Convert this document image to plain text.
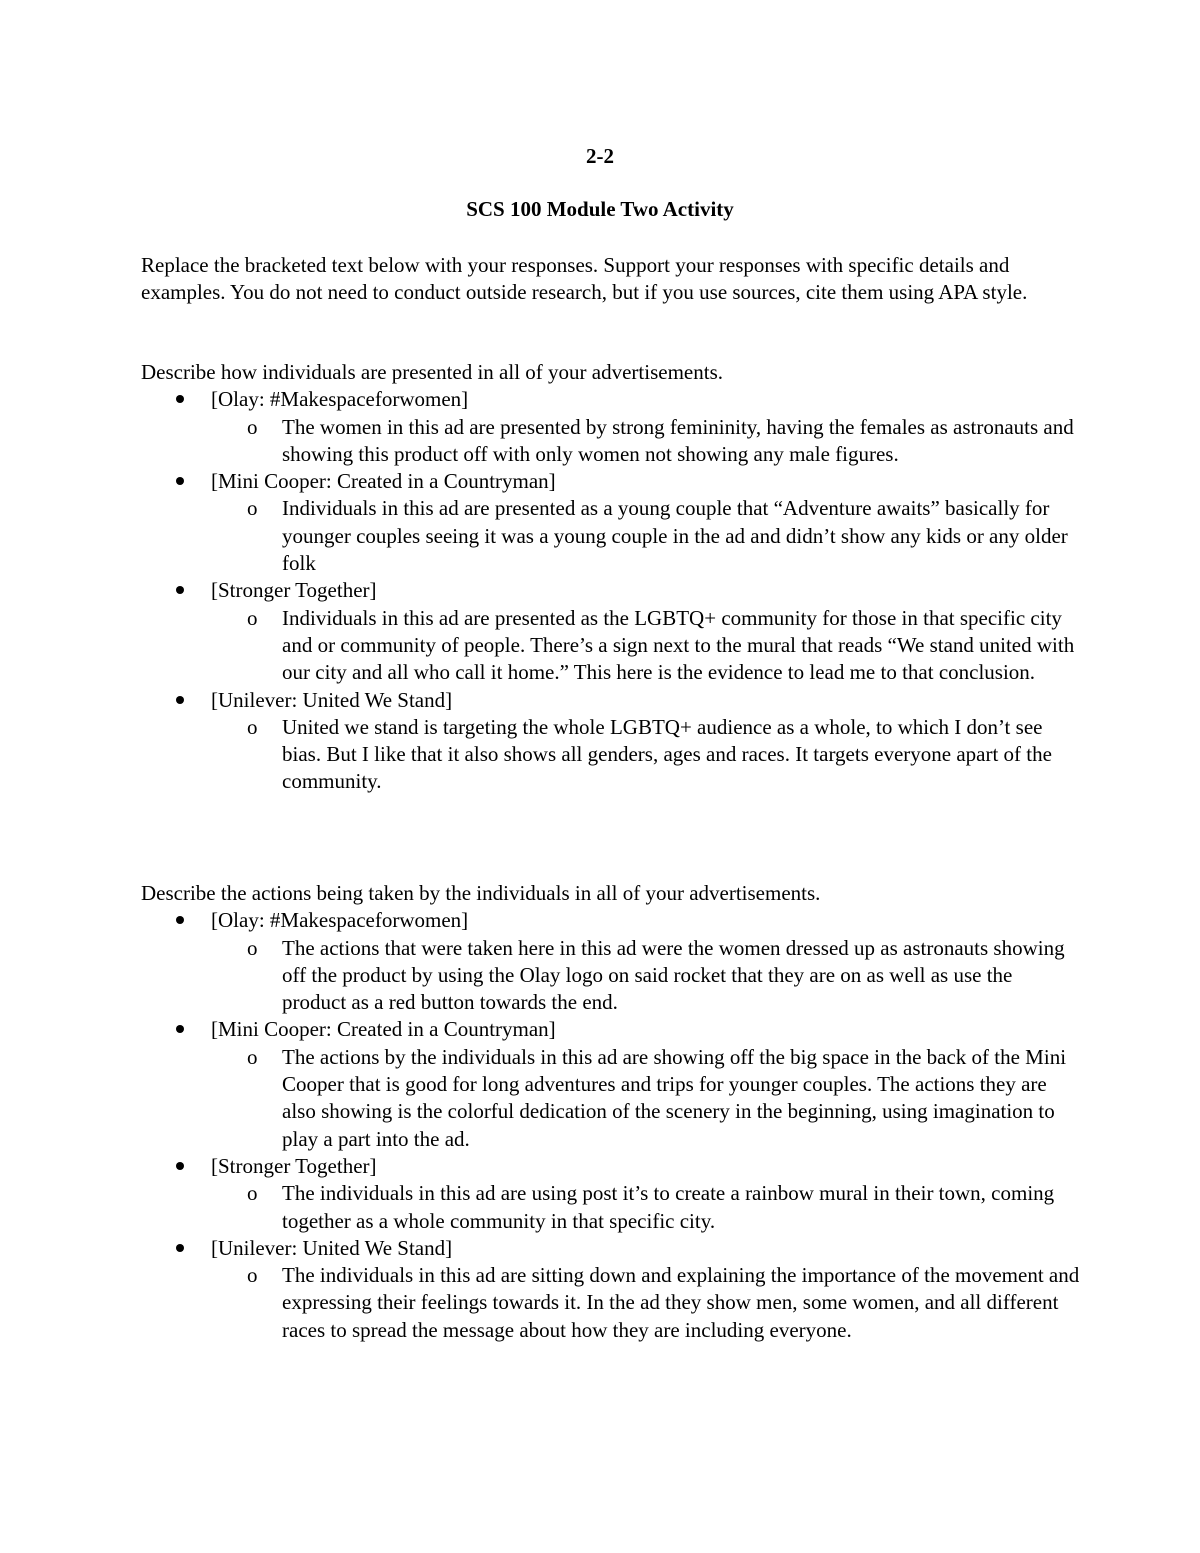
2-2
SCS 100 Module Two Activity

Replace the bracketed text below with your responses. Support your responses with specific details and examples. You do not need to conduct outside research, but if you use sources, cite them using APA style.

Describe how individuals are presented in all of your advertisements.

[Olay: #Makespaceforwomen]
o The women in this ad are presented by strong femininity, having the females as astronauts and showing this product off with only women not showing any male figures.
[Mini Cooper: Created in a Countryman]
o Individuals in this ad are presented as a young couple that “Adventure awaits” basically for younger couples seeing it was a young couple in the ad and didn’t show any kids or any older folk
[Stronger Together]
o Individuals in this ad are presented as the LGBTQ+ community for those in that specific city and or community of people. There’s a sign next to the mural that reads “We stand united with our city and all who call it home.” This here is the evidence to lead me to that conclusion.
[Unilever: United We Stand]
o United we stand is targeting the whole LGBTQ+ audience as a whole, to which I don’t see bias. But I like that it also shows all genders, ages and races. It targets everyone apart of the community.

Describe the actions being taken by the individuals in all of your advertisements.

[Olay: #Makespaceforwomen]
o The actions that were taken here in this ad were the women dressed up as astronauts showing off the product by using the Olay logo on said rocket that they are on as well as use the product as a red button towards the end.
[Mini Cooper: Created in a Countryman]
o The actions by the individuals in this ad are showing off the big space in the back of the Mini Cooper that is good for long adventures and trips for younger couples. The actions they are also showing is the colorful dedication of the scenery in the beginning, using imagination to play a part into the ad.
[Stronger Together]
o The individuals in this ad are using post it’s to create a rainbow mural in their town, coming together as a whole community in that specific city.
[Unilever: United We Stand]
o The individuals in this ad are sitting down and explaining the importance of the movement and expressing their feelings towards it. In the ad they show men, some women, and all different races to spread the message about how they are including everyone.
